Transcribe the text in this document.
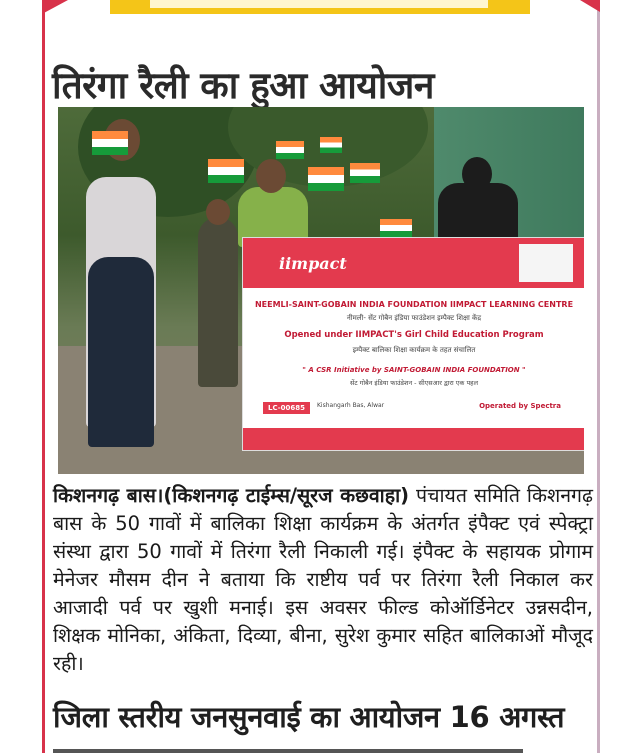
तिरंगा रैली का हुआ आयोजन
iimpact
NEEMLI-SAINT-GOBAIN INDIA FOUNDATION IIMPACT LEARNING CENTRE
नीमली- सेंट गोबैन इंडिया फाउंडेशन इम्पैक्ट शिक्षा केंद्र
Opened under IIMPACT's Girl Child Education Program
इम्पैक्ट बालिका शिक्षा कार्यक्रम के तहत संचालित
" A CSR Initiative by SAINT-GOBAIN INDIA FOUNDATION "
सेंट गोबैन इंडिया फाउंडेशन - सीएसआर द्वारा एक पहल
LC-00685	Kishangarh Bas, Alwar	Operated by Spectra
किशनगढ़ बास।(किशनगढ़ टाईम्स/सूरज कछवाहा) पंचायत समिति किशनगढ़ बास के 50 गावों में बालिका शिक्षा कार्यक्रम के अंतर्गत इंपैक्ट एवं स्पेक्ट्रा संस्था द्वारा 50 गावों में तिरंगा रैली निकाली गई। इंपैक्ट के सहायक प्रोगाम मेनेजर मौसम दीन ने बताया कि राष्टीय पर्व पर तिरंगा रैली निकाल कर आजादी पर्व पर खुशी मनाई। इस अवसर फील्ड कोऑर्डिनेटर उन्नसदीन, शिक्षक मोनिका, अंकिता, दिव्या, बीना, सुरेश कुमार सहित बालिकाओं मौजूद रही।
जिला स्तरीय जनसुनवाई का आयोजन 16 अगस्त
